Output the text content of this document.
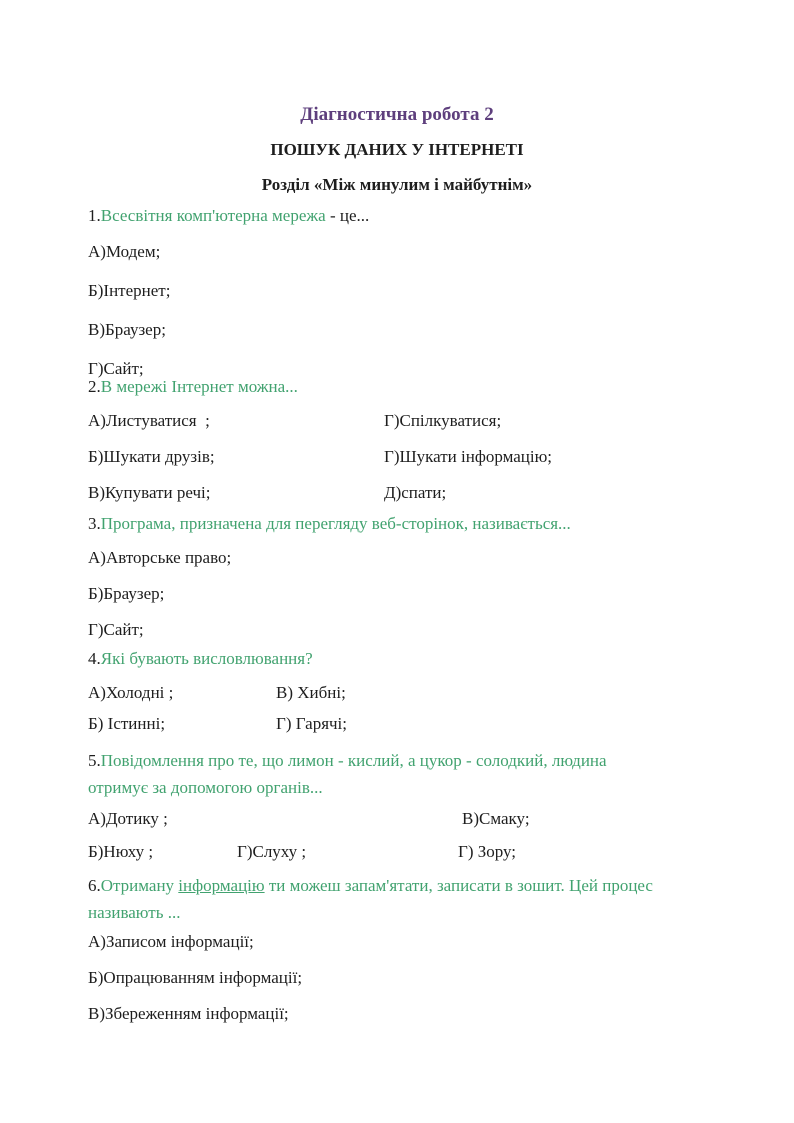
Діагностична робота 2
ПОШУК ДАНИХ У ІНТЕРНЕТІ
Розділ «Між минулим і майбутнім»
1.Всесвітня комп'ютерна мережа - це...
А)Модем;
Б)Інтернет;
В)Браузер;
Г)Сайт;
2.В мережі Інтернет можна...
А)Листуватися  ;	Г)Спілкуватися;
Б)Шукати друзів;	Г)Шукати інформацію;
В)Купувати речі;	Д)спати;
3.Програма, призначена для перегляду веб-сторінок, називається...
А)Авторське право;
Б)Браузер;
Г)Сайт;
4.Які бувають висловлювання?
А)Холодні ;	В) Хибні;
Б) Істинні;	Г) Гарячі;
5.Повідомлення про те, що лимон - кислий, а цукор - солодкий, людина
отримує за допомогою органів...
А)Дотику ;	В)Смаку;
Б)Нюху ;	Г)Слуху ;	Г) Зору;
6.Отриману інформацію ти можеш запам'ятати, записати в зошит. Цей процес
називають ...
А)Записом інформації;
Б)Опрацюванням інформації;
В)Збереженням інформації;
